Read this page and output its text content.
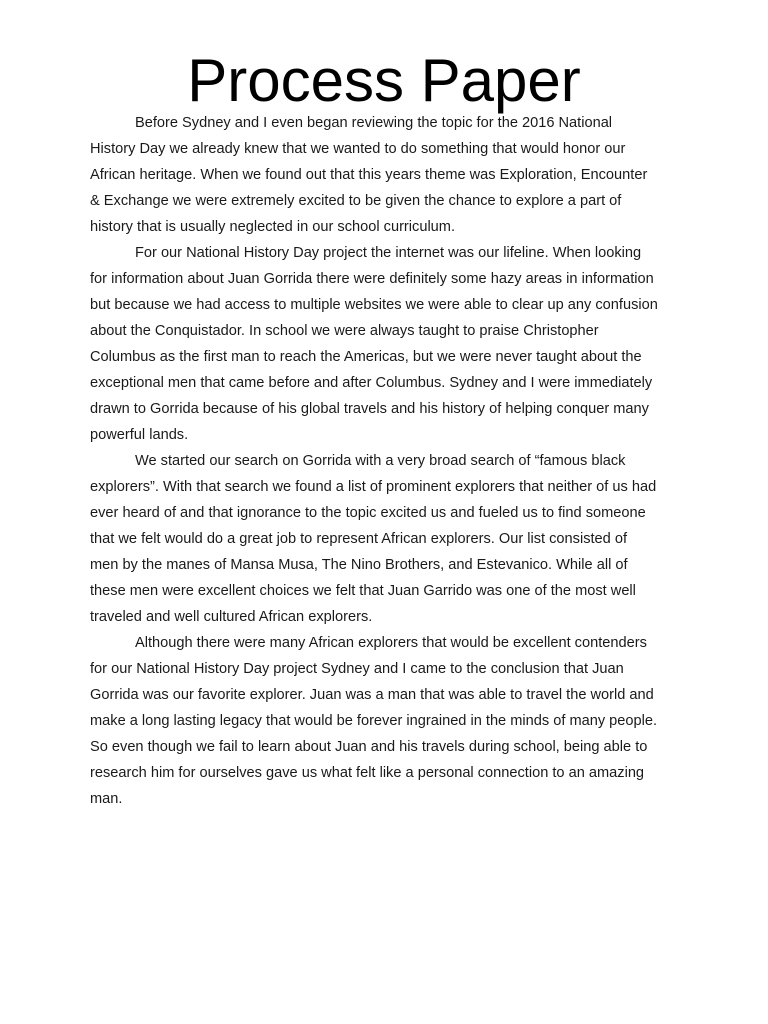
Process Paper
Before Sydney and I even began reviewing the topic for the 2016 National
History Day we already knew that we wanted to do something that would honor our
African heritage. When we found out that this years theme was Exploration, Encounter
& Exchange we were extremely excited to be given the chance to explore a part of
history that is usually neglected in our school curriculum.
For our National History Day project the internet was our lifeline. When looking
for information about Juan Gorrida there were definitely some hazy areas in information
but because we had access to multiple websites we were able to clear up any confusion
about the Conquistador. In school we were always taught to praise Christopher
Columbus as the first man to reach the Americas, but we were never taught about the
exceptional men that came before and after Columbus. Sydney and I were immediately
drawn to Gorrida because of his global travels and his history of helping conquer many
powerful lands.
We started our search on Gorrida with a very broad search of “famous black
explorers”. With that search we found a list of prominent explorers that neither of us had
ever heard of and that ignorance to the topic excited us and fueled us to find someone
that we felt would do a great job to represent African explorers. Our list consisted of
men by the manes of Mansa Musa, The Nino Brothers, and Estevanico. While all of
these men were excellent choices we felt that Juan Garrido was one of the most well
traveled and well cultured African explorers.
Although there were many African explorers that would be excellent contenders
for our National History Day project Sydney and I came to the conclusion that Juan
Gorrida was our favorite explorer. Juan was a man that was able to travel the world and
make a long lasting legacy that would be forever ingrained in the minds of many people.
So even though we fail to learn about Juan and his travels during school, being able to
research him for ourselves gave us what felt like a personal connection to an amazing
man.
